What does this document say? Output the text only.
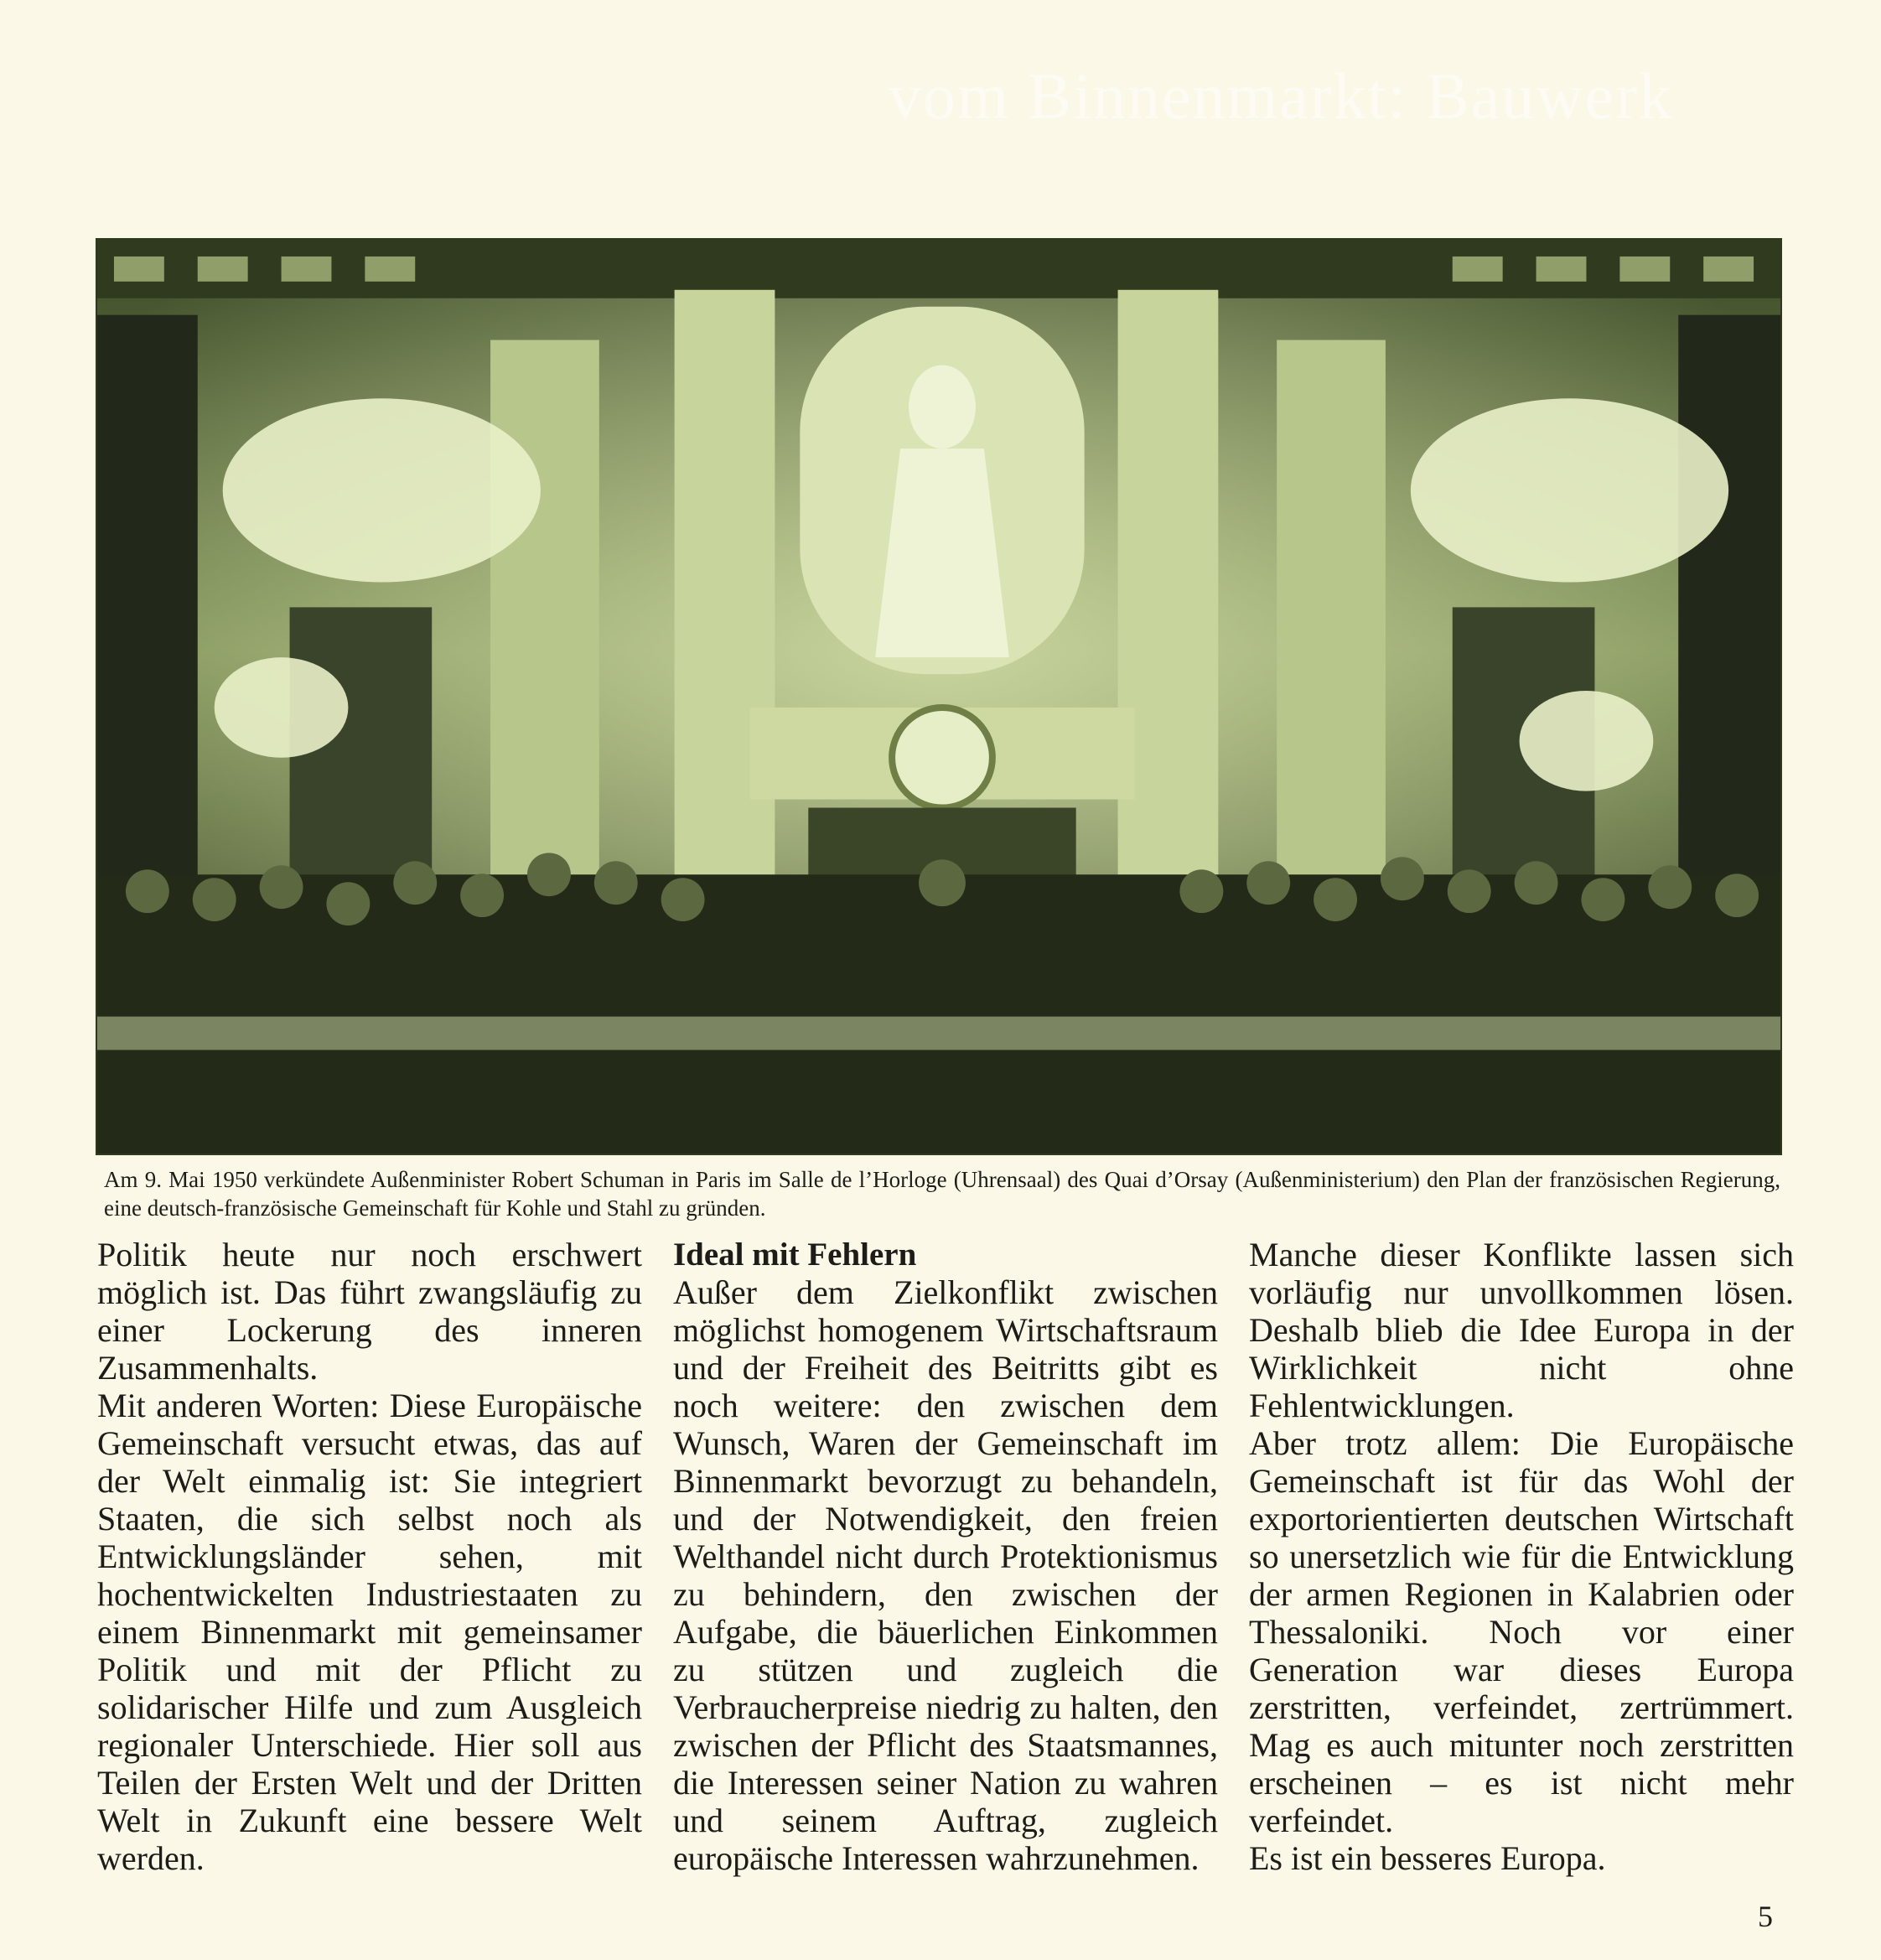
vom Binnenmarkt: Bauwerk

Am 9. Mai 1950 verkündete Außenminister Robert Schuman in Paris im Salle de l’Horloge (Uhrensaal) des Quai d’Orsay (Außenministerium) den Plan der französischen Regierung, eine deutsch-französische Gemeinschaft für Kohle und Stahl zu gründen.

Politik heute nur noch erschwert möglich ist. Das führt zwangsläufig zu einer Lockerung des inneren Zusammenhalts.

Mit anderen Worten: Diese Europäische Gemeinschaft versucht etwas, das auf der Welt einmalig ist: Sie integriert Staaten, die sich selbst noch als Entwicklungsländer sehen, mit hochentwickelten Industriestaaten zu einem Binnenmarkt mit gemeinsamer Politik und mit der Pflicht zu solidarischer Hilfe und zum Ausgleich regionaler Unterschiede. Hier soll aus Teilen der Ersten Welt und der Dritten Welt in Zukunft eine bessere Welt werden.

Ideal mit Fehlern

Außer dem Zielkonflikt zwischen möglichst homogenem Wirtschaftsraum und der Freiheit des Beitritts gibt es noch weitere: den zwischen dem Wunsch, Waren der Gemeinschaft im Binnenmarkt bevorzugt zu behandeln, und der Notwendigkeit, den freien Welthandel nicht durch Protektionismus zu behindern, den zwischen der Aufgabe, die bäuerlichen Einkommen zu stützen und zugleich die Verbraucherpreise niedrig zu halten, den zwischen der Pflicht des Staatsmannes, die Interessen seiner Nation zu wahren und seinem Auftrag, zugleich europäische Interessen wahrzunehmen.

Manche dieser Konflikte lassen sich vorläufig nur unvollkommen lösen. Deshalb blieb die Idee Europa in der Wirklichkeit nicht ohne Fehlentwicklungen.

Aber trotz allem: Die Europäische Gemeinschaft ist für das Wohl der exportorientierten deutschen Wirtschaft so unersetzlich wie für die Entwicklung der armen Regionen in Kalabrien oder Thessaloniki. Noch vor einer Generation war dieses Europa zerstritten, verfeindet, zertrümmert. Mag es auch mitunter noch zerstritten erscheinen – es ist nicht mehr verfeindet.

Es ist ein besseres Europa.

5
